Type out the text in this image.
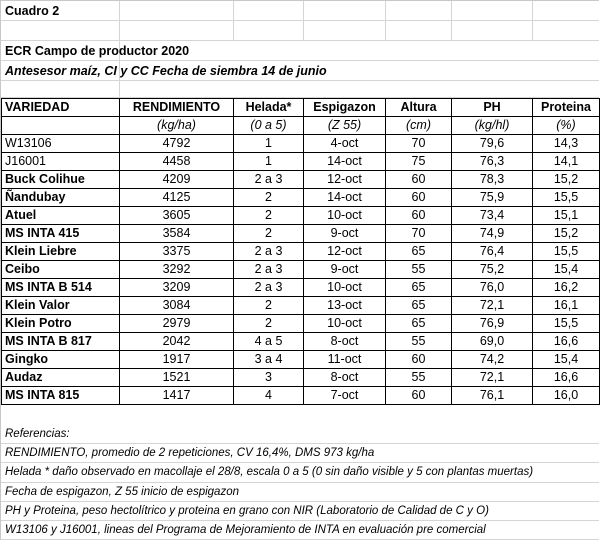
Cuadro 2
ECR Campo de productor 2020
Antesesor maíz, CI y CC Fecha de siembra 14 de junio
VARIEDAD	RENDIMIENTO	Helada*	Espigazon	Altura	PH	Proteina
	(kg/ha)	(0 a 5)	(Z 55)	(cm)	(kg/hl)	(%)
W13106	4792	1	4-oct	70	79,6	14,3
J16001	4458	1	14-oct	75	76,3	14,1
Buck Colihue	4209	2 a 3	12-oct	60	78,3	15,2
Ñandubay	4125	2	14-oct	60	75,9	15,5
Atuel	3605	2	10-oct	60	73,4	15,1
MS INTA 415	3584	2	9-oct	70	74,9	15,2
Klein Liebre	3375	2 a 3	12-oct	65	76,4	15,5
Ceibo	3292	2 a 3	9-oct	55	75,2	15,4
MS INTA B 514	3209	2 a 3	10-oct	65	76,0	16,2
Klein Valor	3084	2	13-oct	65	72,1	16,1
Klein Potro	2979	2	10-oct	65	76,9	15,5
MS INTA B 817	2042	4 a 5	8-oct	55	69,0	16,6
Gingko	1917	3 a 4	11-oct	60	74,2	15,4
Audaz	1521	3	8-oct	55	72,1	16,6
MS INTA 815	1417	4	7-oct	60	76,1	16,0
Referencias:
RENDIMIENTO, promedio de 2 repeticiones, CV 16,4%, DMS 973 kg/ha
Helada * daño observado en macollaje el 28/8, escala 0 a 5 (0 sin daño visible y 5 con plantas muertas)
Fecha de espigazon, Z 55 inicio de espigazon
PH y Proteina, peso hectolítrico y proteina en grano con NIR (Laboratorio de Calidad de C y O)
W13106 y J16001, lineas del Programa de Mejoramiento de INTA en evaluación pre comercial
